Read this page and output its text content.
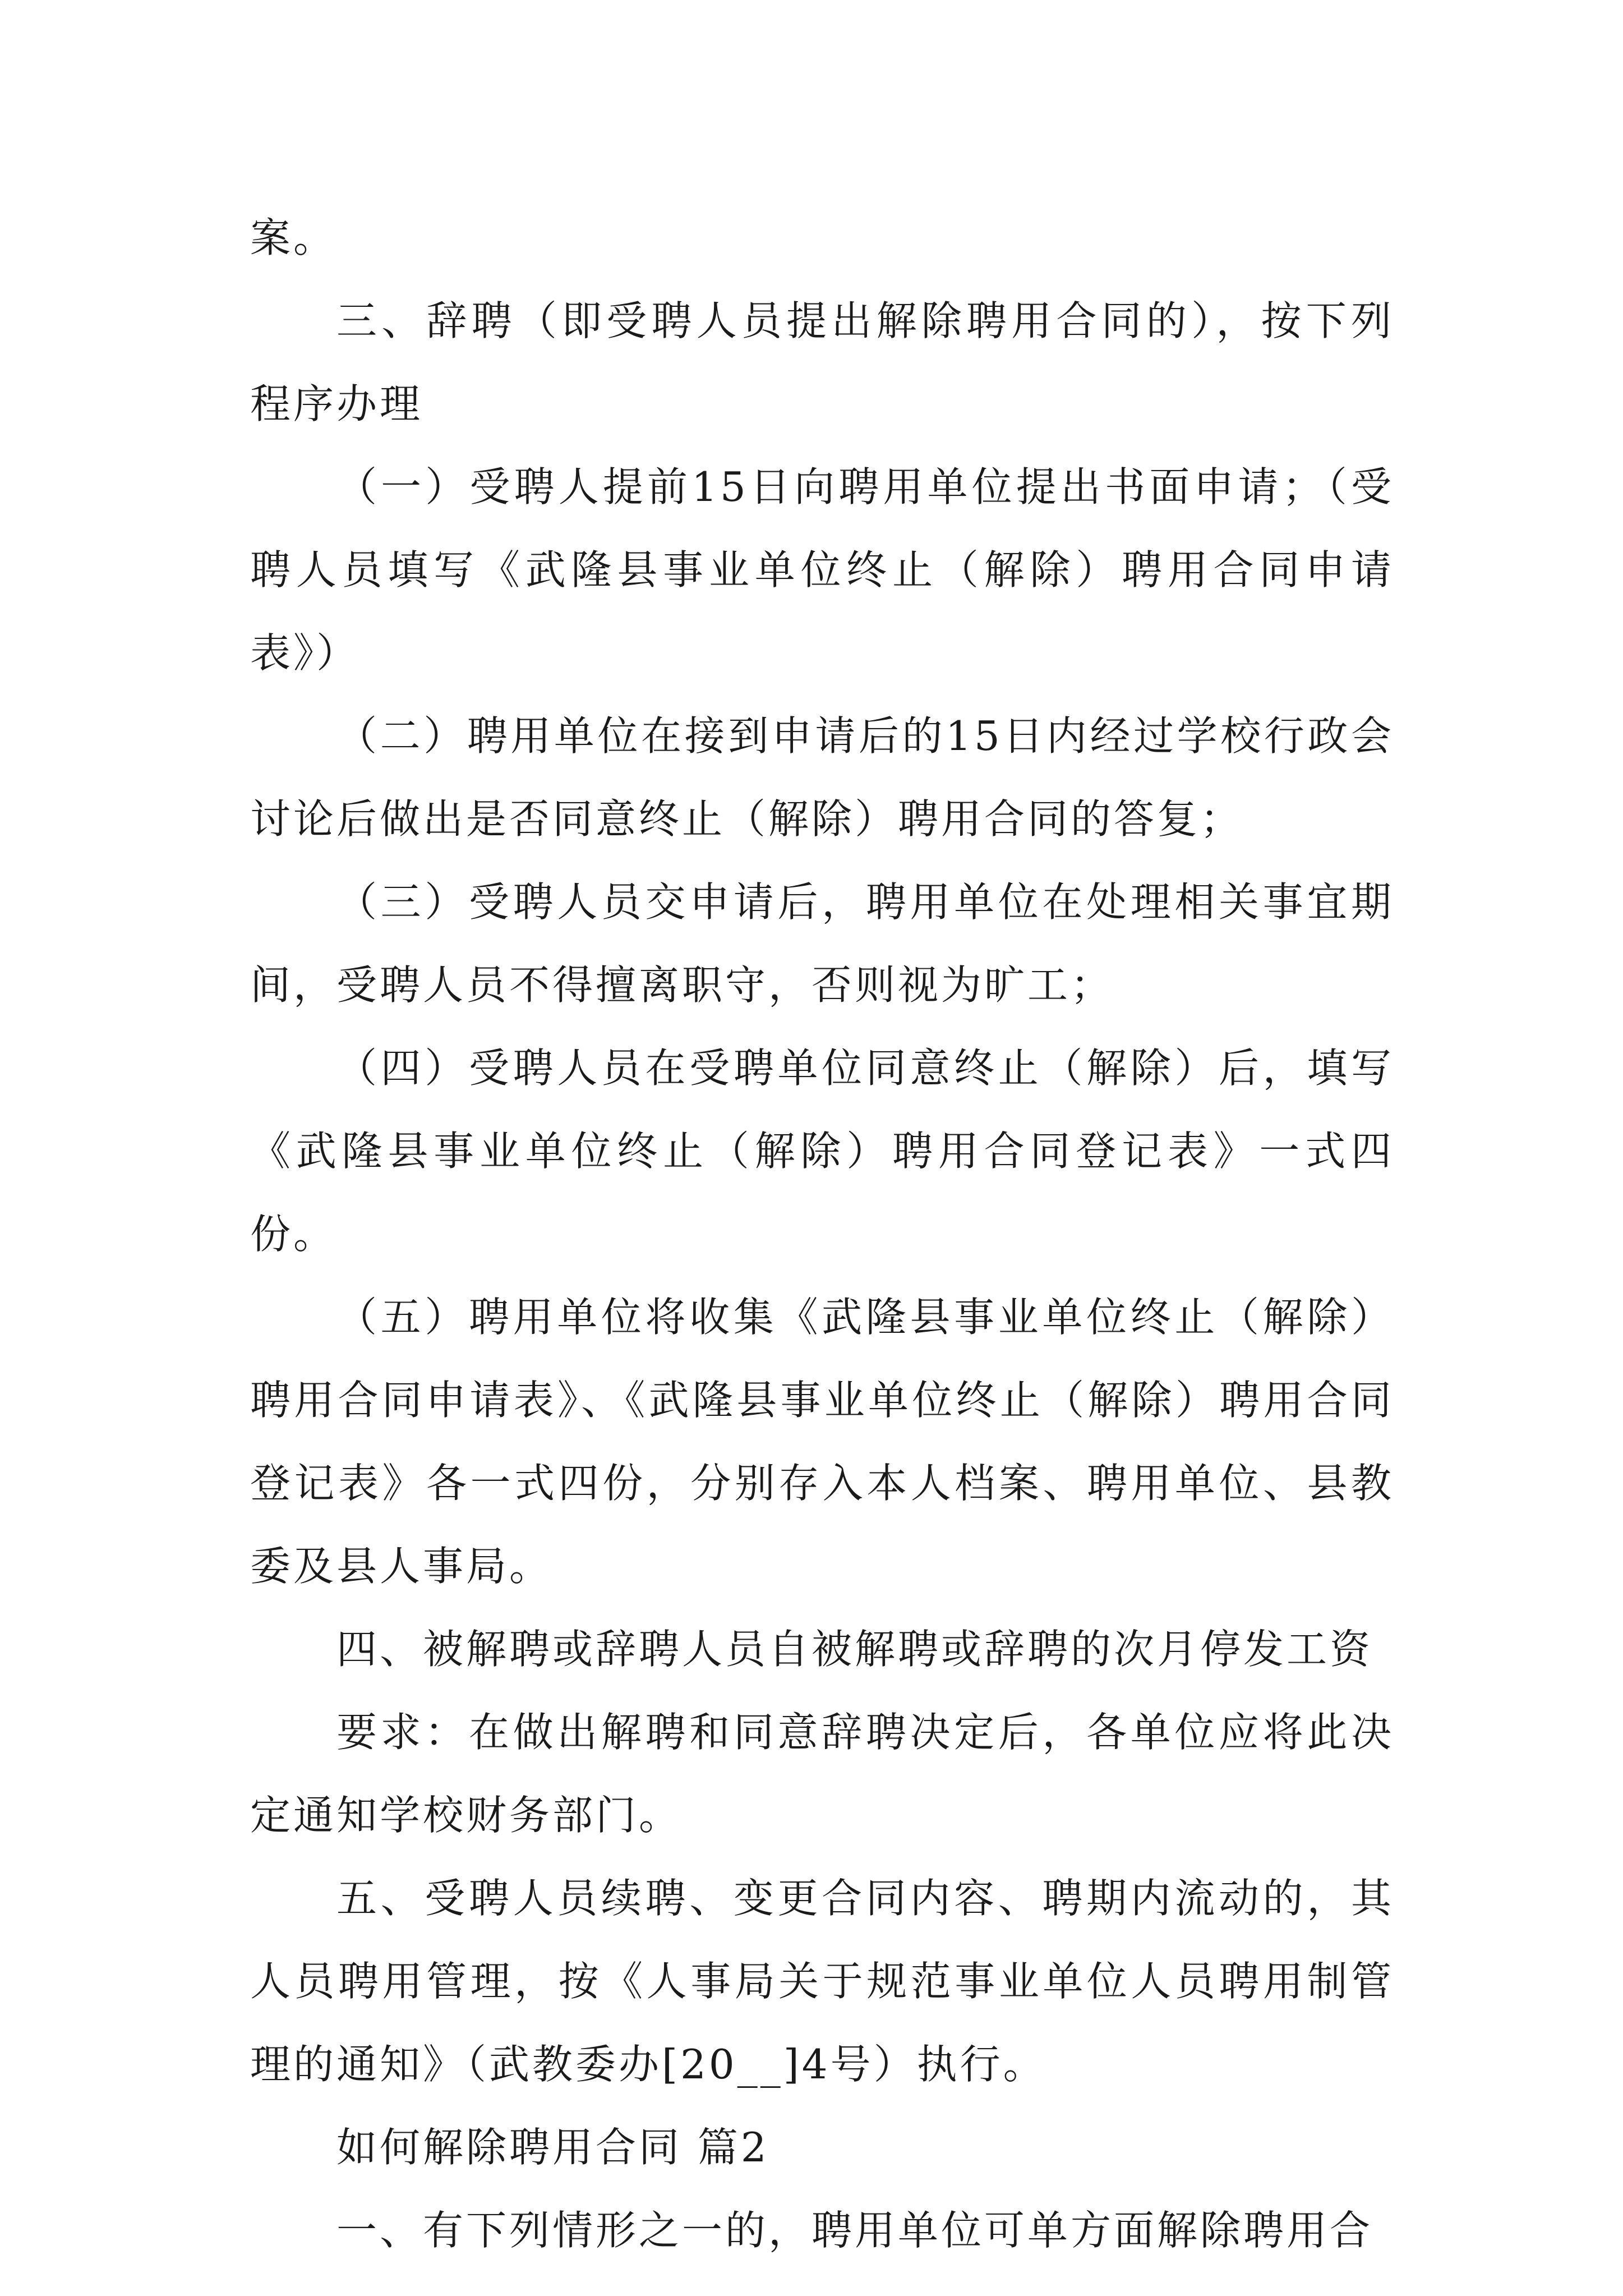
案。

三、辞聘（即受聘人员提出解除聘用合同的），按下列程序办理

（一）受聘人提前15日向聘用单位提出书面申请；（受聘人员填写《武隆县事业单位终止（解除）聘用合同申请表》）

（二）聘用单位在接到申请后的15日内经过学校行政会讨论后做出是否同意终止（解除）聘用合同的答复；

（三）受聘人员交申请后，聘用单位在处理相关事宜期间，受聘人员不得擅离职守，否则视为旷工；

（四）受聘人员在受聘单位同意终止（解除）后，填写《武隆县事业单位终止（解除）聘用合同登记表》一式四份。

（五）聘用单位将收集《武隆县事业单位终止（解除）聘用合同申请表》、《武隆县事业单位终止（解除）聘用合同登记表》各一式四份，分别存入本人档案、聘用单位、县教委及县人事局。

四、被解聘或辞聘人员自被解聘或辞聘的次月停发工资

要求：在做出解聘和同意辞聘决定后，各单位应将此决定通知学校财务部门。

五、受聘人员续聘、变更合同内容、聘期内流动的，其人员聘用管理，按《人事局关于规范事业单位人员聘用制管理的通知》（武教委办[20__]4号）执行。

如何解除聘用合同 篇2

一、有下列情形之一的，聘用单位可单方面解除聘用合
